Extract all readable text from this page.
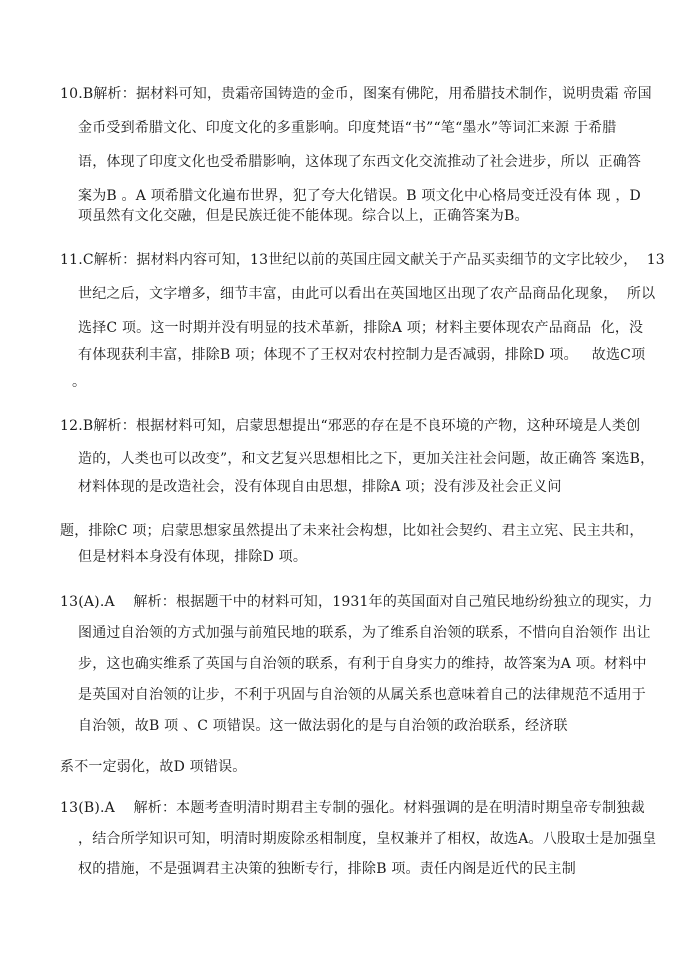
10.B解析：据材料可知，贵霜帝国铸造的金币，图案有佛陀，用希腊技术制作，说明贵霜 帝国
金币受到希腊文化、印度文化的多重影响。印度梵语“书”“笔“墨水”等词汇来源 于希腊
语，体现了印度文化也受希腊影响，这体现了东西文化交流推动了社会进步，所以  正确答
案为B 。A 项希腊文化遍布世界，犯了夸大化错误。B 项文化中心格局变迁没有体 现 ，D
项虽然有文化交融，但是民族迁徙不能体现。综合以上，正确答案为B。
11.C解析：据材料内容可知，13世纪以前的英国庄园文献关于产品买卖细节的文字比较少，  13
世纪之后，文字增多，细节丰富，由此可以看出在英国地区出现了农产品商品化现象，  所以
选择C 项。这一时期并没有明显的技术革新，排除A 项；材料主要体现农产品商品  化，没
有体现获利丰富，排除B 项；体现不了王权对农村控制力是否减弱，排除D 项。   故选C项
。
12.B解析：根据材料可知，启蒙思想提出“邪恶的存在是不良环境的产物，这种环境是人类创
造的，人类也可以改变”，和文艺复兴思想相比之下，更加关注社会问题，故正确答 案选B，
材料体现的是改造社会，没有体现自由思想，排除A 项；没有涉及社会正义问
题，排除C 项；启蒙思想家虽然提出了未来社会构想，比如社会契约、君主立宪、民主共和，
但是材料本身没有体现，排除D 项。
13(A).A    解析：根据题干中的材料可知，1931年的英国面对自己殖民地纷纷独立的现实，力
图通过自治领的方式加强与前殖民地的联系，为了维系自治领的联系，不惜向自治领作 出让
步，这也确实维系了英国与自治领的联系，有利于自身实力的维持，故答案为A 项。材料中
是英国对自治领的让步，不利于巩固与自治领的从属关系也意味着自己的法律规范不适用于
自治领，故B 项 、C 项错误。这一做法弱化的是与自治领的政治联系，经济联
系不一定弱化，故D 项错误。
13(B).A    解析：本题考查明清时期君主专制的强化。材料强调的是在明清时期皇帝专制独裁
，结合所学知识可知，明清时期废除丞相制度，皇权兼并了相权，故选A。八股取士是加强皇
权的措施，不是强调君主决策的独断专行，排除B 项。责任内阁是近代的民主制
